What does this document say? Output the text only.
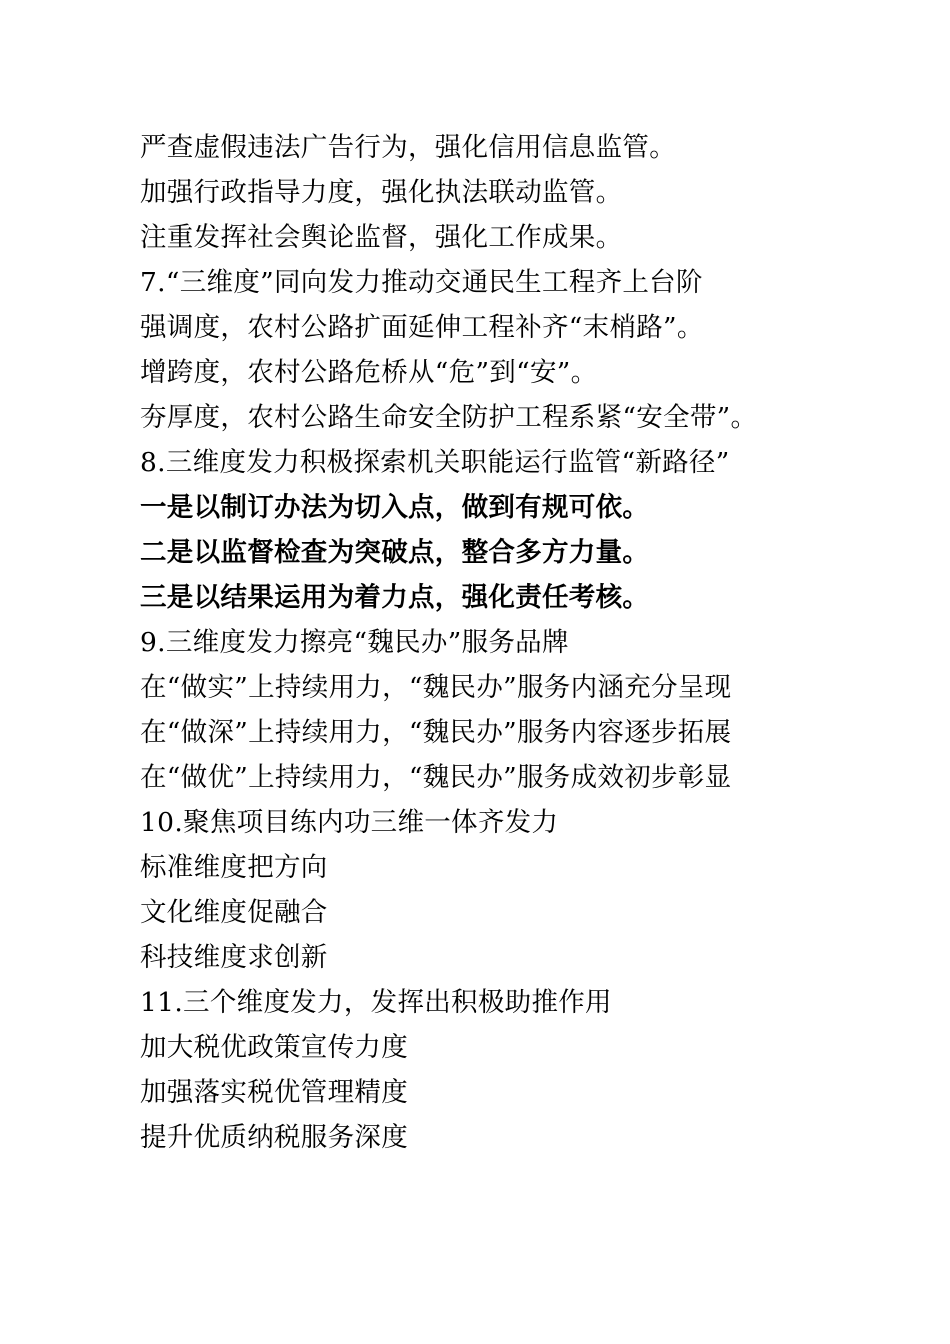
严查虚假违法广告行为，强化信用信息监管。
加强行政指导力度，强化执法联动监管。
注重发挥社会舆论监督，强化工作成果。
7.“三维度”同向发力推动交通民生工程齐上台阶
强调度，农村公路扩面延伸工程补齐“末梢路”。
增跨度，农村公路危桥从“危”到“安”。
夯厚度，农村公路生命安全防护工程系紧“安全带”。
8.三维度发力积极探索机关职能运行监管“新路径”
一是以制订办法为切入点，做到有规可依。
二是以监督检查为突破点，整合多方力量。
三是以结果运用为着力点，强化责任考核。
9.三维度发力擦亮“魏民办”服务品牌
在“做实”上持续用力，“魏民办”服务内涵充分呈现
在“做深”上持续用力，“魏民办”服务内容逐步拓展
在“做优”上持续用力，“魏民办”服务成效初步彰显
10.聚焦项目练内功三维一体齐发力
标准维度把方向
文化维度促融合
科技维度求创新
11.三个维度发力，发挥出积极助推作用
加大税优政策宣传力度
加强落实税优管理精度
提升优质纳税服务深度
